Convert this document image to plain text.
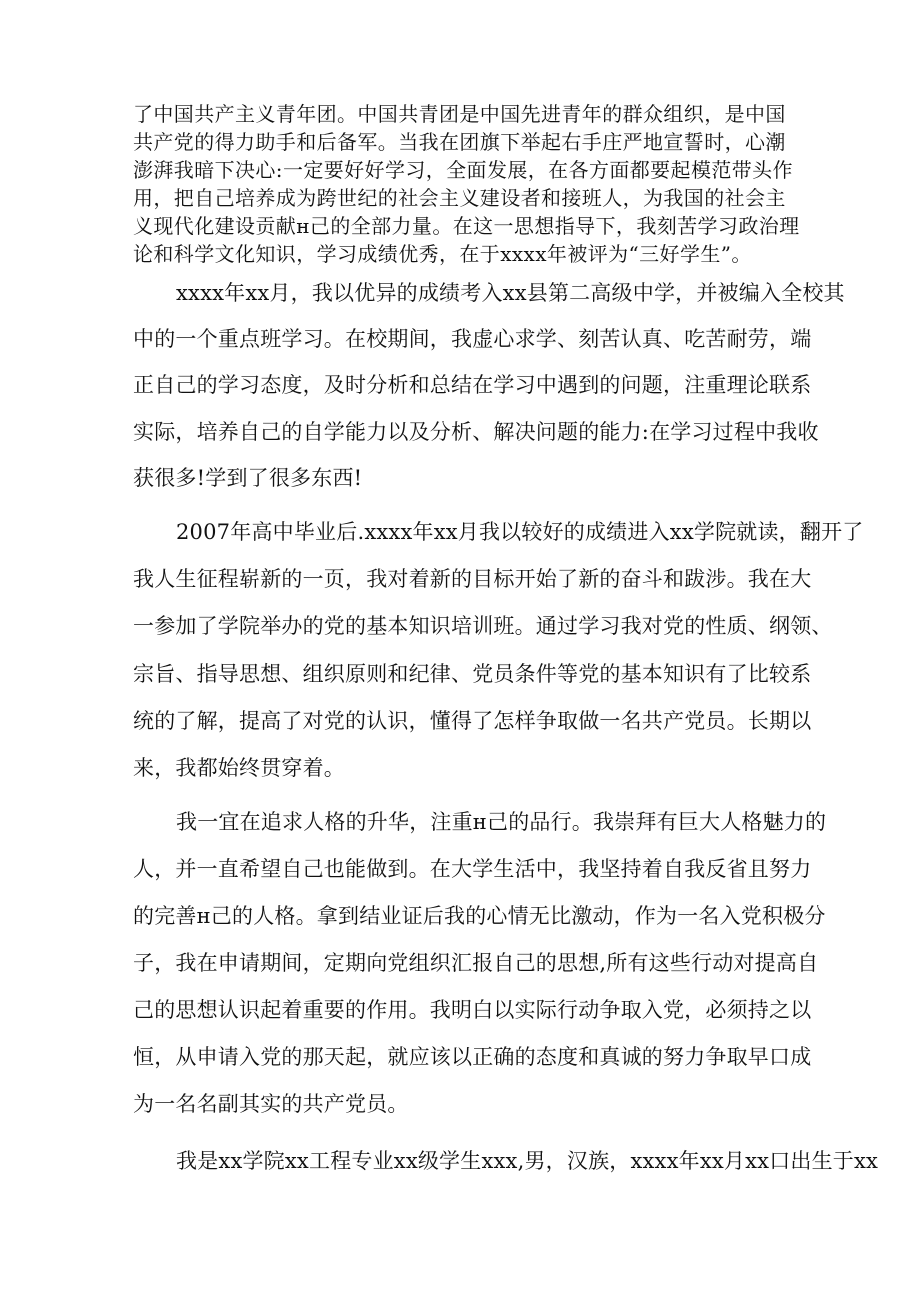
了中国共产主义青年团。中国共青团是中国先进青年的群众组织，是中国
共产党的得力助手和后备军。当我在团旗下举起右手庄严地宣誓时，心潮
澎湃我暗下决心:一定要好好学习，全面发展，在各方面都要起模范带头作
用，把自己培养成为跨世纪的社会主义建设者和接班人，为我国的社会主
义现代化建设贡献н己的全部力量。在这一思想指导下，我刻苦学习政治理
论和科学文化知识，学习成绩优秀，在于xxxx年被评为“三好学生”。
xxxx年xx月，我以优异的成绩考入xx县第二高级中学，并被编入全校其
中的一个重点班学习。在校期间，我虚心求学、刻苦认真、吃苦耐劳，端
正自己的学习态度，及时分析和总结在学习中遇到的问题，注重理论联系
实际，培养自己的自学能力以及分析、解决问题的能力:在学习过程中我收
获很多!学到了很多东西!
2007年高中毕业后.xxxx年xx月我以较好的成绩进入xx学院就读，翻开了
我人生征程崭新的一页，我对着新的目标开始了新的奋斗和跋涉。我在大
一参加了学院举办的党的基本知识培训班。通过学习我对党的性质、纲领、
宗旨、指导思想、组织原则和纪律、党员条件等党的基本知识有了比较系
统的了解，提高了对党的认识，懂得了怎样争取做一名共产党员。长期以
来，我都始终贯穿着。
我一宜在追求人格的升华，注重н己的品行。我崇拜有巨大人格魅力的
人，并一直希望自己也能做到。在大学生活中，我坚持着自我反省且努力
的完善н己的人格。拿到结业证后我的心情无比激动，作为一名入党积极分
子，我在申请期间，定期向党组织汇报自己的思想,所有这些行动对提高自
己的思想认识起着重要的作用。我明白以实际行动争取入党，必须持之以
恒，从申请入党的那天起，就应该以正确的态度和真诚的努力争取早口成
为一名名副其实的共产党员。
我是xx学院xx工程专业xx级学生xxx,男，汉族，xxxx年xx月xx口出生于xx
